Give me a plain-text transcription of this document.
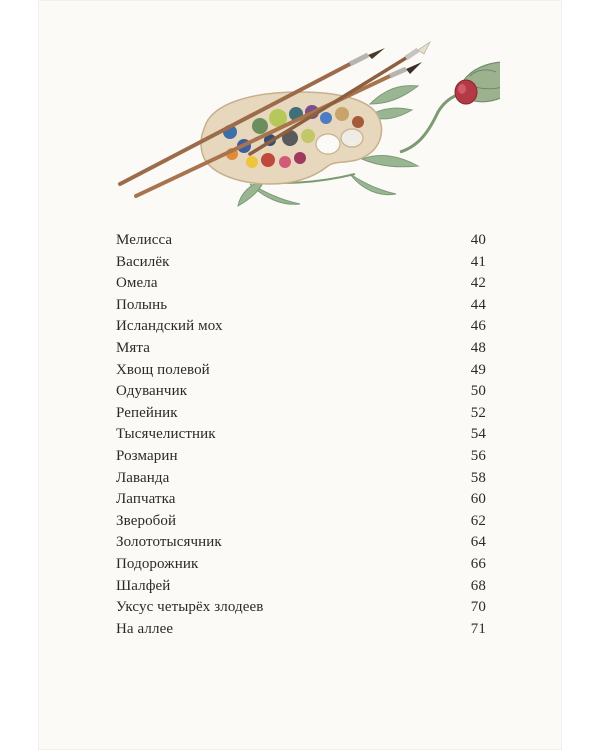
Мелисса	40
Василёк	41
Омела	42
Полынь	44
Исландский мох	46
Мята	48
Хвощ полевой	49
Одуванчик	50
Репейник	52
Тысячелистник	54
Розмарин	56
Лаванда	58
Лапчатка	60
Зверобой	62
Золототысячник	64
Подорожник	66
Шалфей	68
Уксус четырёх злодеев	70
На аллее	71
